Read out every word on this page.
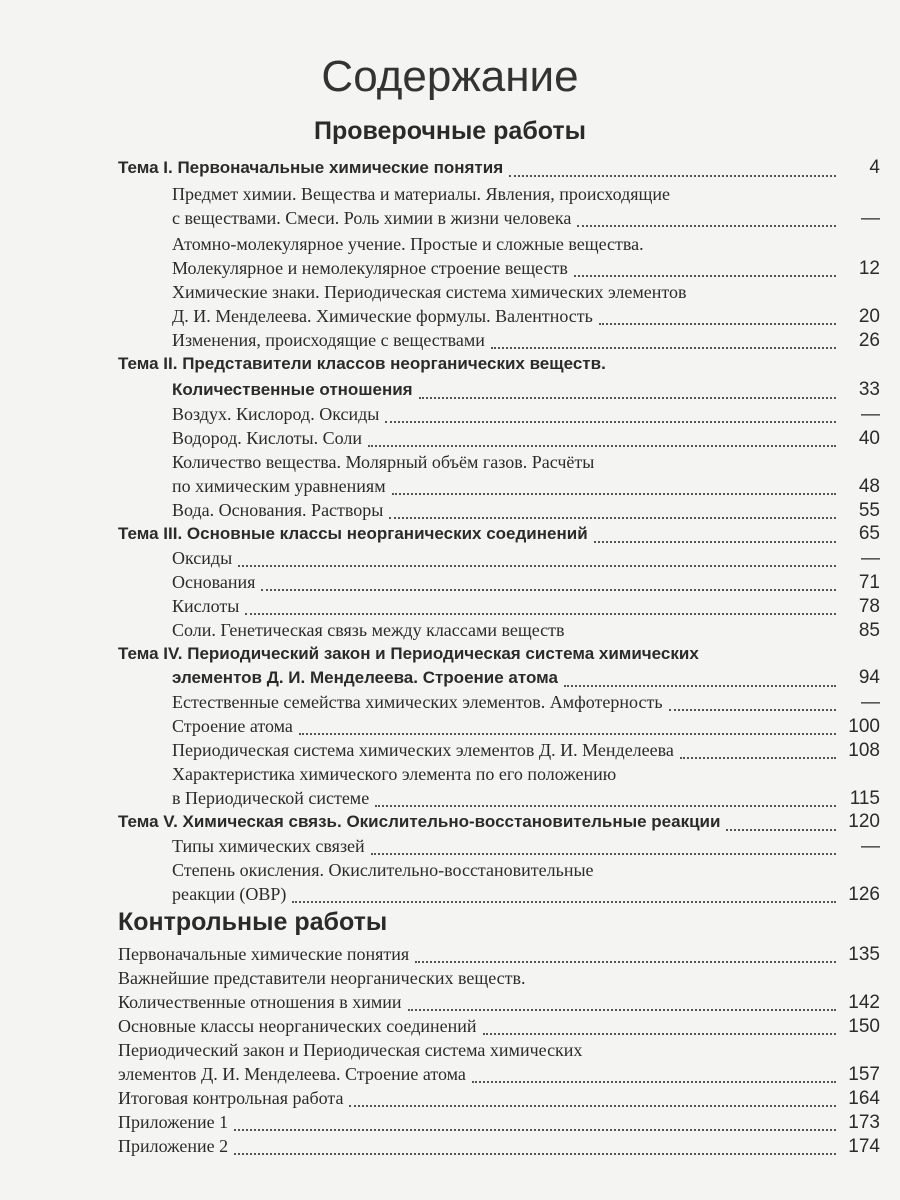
Содержание
Проверочные работы
Тема I. Первоначальные химические понятия	4
Предмет химии. Вещества и материалы. Явления, происходящие
с веществами. Смеси. Роль химии в жизни человека	—
Атомно-молекулярное учение. Простые и сложные вещества.
Молекулярное и немолекулярное строение веществ	12
Химические знаки. Периодическая система химических элементов
Д. И. Менделеева. Химические формулы. Валентность	20
Изменения, происходящие с веществами	26
Тема II. Представители классов неорганических веществ.
Количественные отношения	33
Воздух. Кислород. Оксиды	—
Водород. Кислоты. Соли	40
Количество вещества. Молярный объём газов. Расчёты
по химическим уравнениям	48
Вода. Основания. Растворы	55
Тема III. Основные классы неорганических соединений	65
Оксиды	—
Основания	71
Кислоты	78
Соли. Генетическая связь между классами веществ	85
Тема IV. Периодический закон и Периодическая система химических
элементов Д. И. Менделеева. Строение атома	94
Естественные семейства химических элементов. Амфотерность	—
Строение атома	100
Периодическая система химических элементов Д. И. Менделеева	108
Характеристика химического элемента по его положению
в Периодической системе	115
Тема V. Химическая связь. Окислительно-восстановительные реакции	120
Типы химических связей	—
Степень окисления. Окислительно-восстановительные
реакции (ОВР)	126
Контрольные работы
Первоначальные химические понятия	135
Важнейшие представители неорганических веществ.
Количественные отношения в химии	142
Основные классы неорганических соединений	150
Периодический закон и Периодическая система химических
элементов Д. И. Менделеева. Строение атома	157
Итоговая контрольная работа	164
Приложение 1	173
Приложение 2	174
